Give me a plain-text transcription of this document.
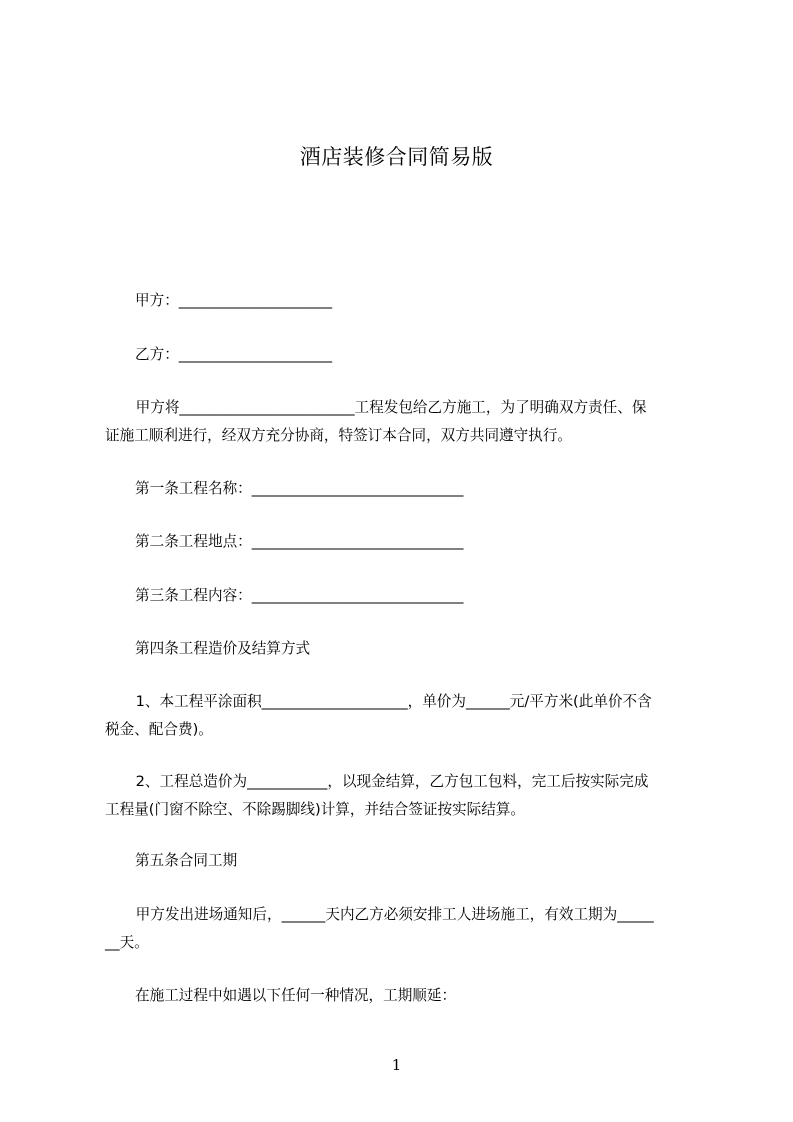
酒店装修合同简易版

甲方：_____________________

乙方：_____________________

甲方将________________________工程发包给乙方施工，为了明确双方责任、保

证施工顺利进行，经双方充分协商，特签订本合同，双方共同遵守执行。

第一条工程名称：_____________________________

第二条工程地点：_____________________________

第三条工程内容：_____________________________

第四条工程造价及结算方式

1、本工程平涂面积____________________，单价为______元/平方米(此单价不含

税金、配合费)。

2、工程总造价为___________，以现金结算，乙方包工包料，完工后按实际完成

工程量(门窗不除空、不除踢脚线)计算，并结合签证按实际结算。

第五条合同工期

甲方发出进场通知后，______天内乙方必须安排工人进场施工，有效工期为_____

__天。

在施工过程中如遇以下任何一种情况，工期顺延：

1
